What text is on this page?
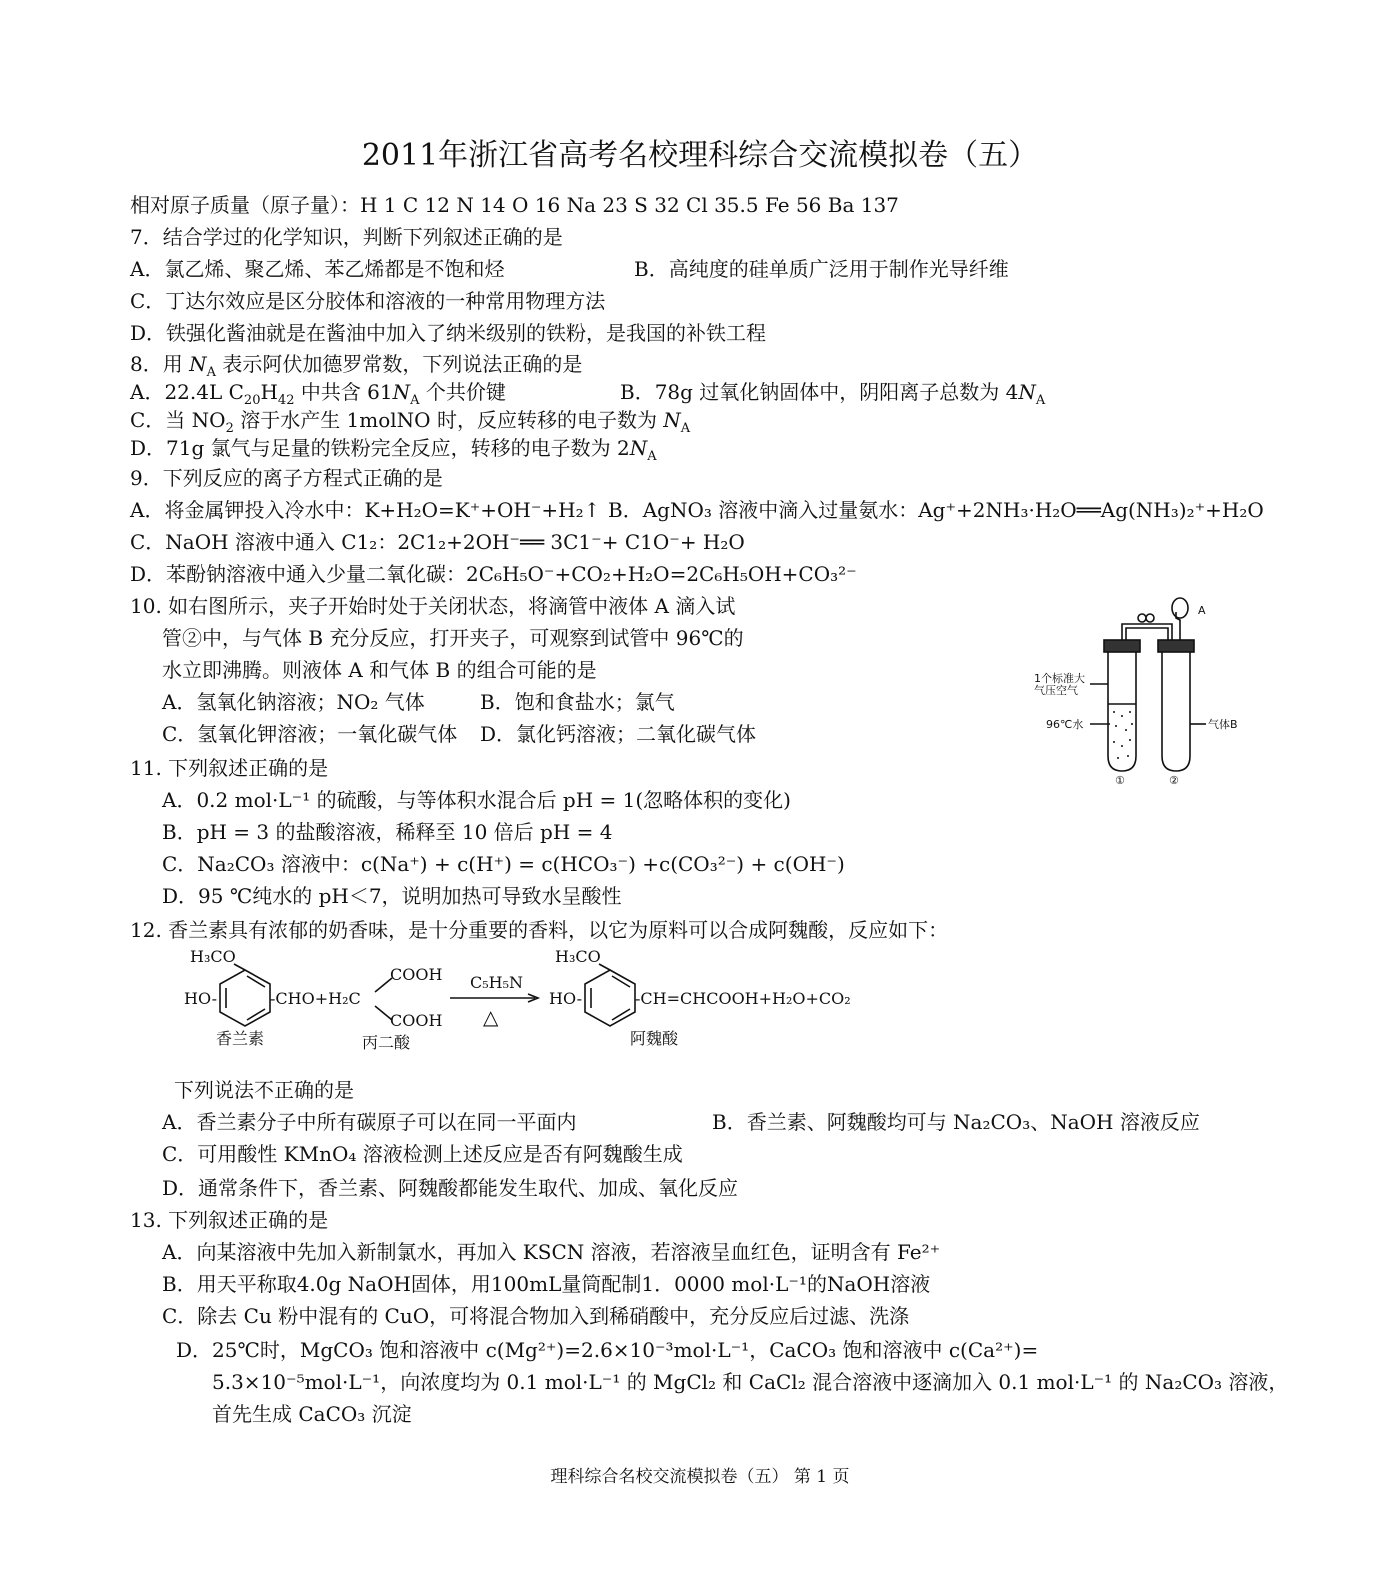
2011年浙江省高考名校理科综合交流模拟卷（五）
相对原子质量（原子量）：H 1 C 12 N 14 O 16 Na 23 S 32 Cl 35.5 Fe 56 Ba 137
7．结合学过的化学知识，判断下列叙述正确的是
A．氯乙烯、聚乙烯、苯乙烯都是不饱和烃	B．高纯度的硅单质广泛用于制作光导纤维
C．丁达尔效应是区分胶体和溶液的一种常用物理方法
D．铁强化酱油就是在酱油中加入了纳米级别的铁粉，是我国的补铁工程
8．用 $N_A$ 表示阿伏加德罗常数，下列说法正确的是
A．22.4L $C_{20}H_{42}$ 中共含 $61N_A$ 个共价键	B．78g 过氧化钠固体中，阴阳离子总数为 $4N_A$
C．当 $NO_2$ 溶于水产生 1molNO 时，反应转移的电子数为 $N_A$
D．71g 氯气与足量的铁粉完全反应，转移的电子数为 $2N_A$
9．下列反应的离子方程式正确的是
A．将金属钾投入冷水中：K+H₂O=K⁺+OH⁻+H₂↑ B．AgNO₃ 溶液中滴入过量氨水：Ag⁺+2NH₃·H₂O══Ag(NH₃)₂⁺+H₂O
C．NaOH 溶液中通入 C1₂：2C1₂+2OH⁻══ 3C1⁻+ C1O⁻+ H₂O
D．苯酚钠溶液中通入少量二氧化碳：2C₆H₅O⁻+CO₂+H₂O=2C₆H₅OH+CO₃²⁻
10. 如右图所示，夹子开始时处于关闭状态，将滴管中液体 A 滴入试
管②中，与气体 B 充分反应，打开夹子，可观察到试管中 96℃的
水立即沸腾。则液体 A 和气体 B 的组合可能的是
A．氢氧化钠溶液；NO₂ 气体	B．饱和食盐水；氯气
C．氢氧化钾溶液；一氧化碳气体 D．氯化钙溶液；二氧化碳气体
A
1个标准大
气压空气
96℃水	气体B
①	②
11. 下列叙述正确的是
A．0.2 mol·L⁻¹ 的硫酸，与等体积水混合后 pH = 1(忽略体积的变化)
B．pH = 3 的盐酸溶液，稀释至 10 倍后 pH = 4
C．Na₂CO₃ 溶液中：c(Na⁺) + c(H⁺) = c(HCO₃⁻) +c(CO₃²⁻) + c(OH⁻)
D．95 ℃纯水的 pH＜7，说明加热可导致水呈酸性
12. 香兰素具有浓郁的奶香味，是十分重要的香料，以它为原料可以合成阿魏酸，反应如下：
H₃CO
HO-	-CHO+H₂C
COOH
COOH
C₅H₅N
△
H₃CO
HO-	-CH=CHCOOH+H₂O+CO₂
香兰素	丙二酸	阿魏酸
下列说法不正确的是
A．香兰素分子中所有碳原子可以在同一平面内	B．香兰素、阿魏酸均可与 Na₂CO₃、NaOH 溶液反应
C．可用酸性 KMnO₄ 溶液检测上述反应是否有阿魏酸生成
D．通常条件下，香兰素、阿魏酸都能发生取代、加成、氧化反应
13. 下列叙述正确的是
A．向某溶液中先加入新制氯水，再加入 KSCN 溶液，若溶液呈血红色，证明含有 Fe²⁺
B．用天平称取4.0g NaOH固体，用100mL量筒配制1．0000 mol·L⁻¹的NaOH溶液
C．除去 Cu 粉中混有的 CuO，可将混合物加入到稀硝酸中，充分反应后过滤、洗涤
D．25℃时，MgCO₃ 饱和溶液中 c(Mg²⁺)=2.6×10⁻³mol·L⁻¹，CaCO₃ 饱和溶液中 c(Ca²⁺)=
5.3×10⁻⁵mol·L⁻¹，向浓度均为 0.1 mol·L⁻¹ 的 MgCl₂ 和 CaCl₂ 混合溶液中逐滴加入 0.1 mol·L⁻¹ 的 Na₂CO₃ 溶液，
首先生成 CaCO₃ 沉淀
理科综合名校交流模拟卷（五） 第 1 页
